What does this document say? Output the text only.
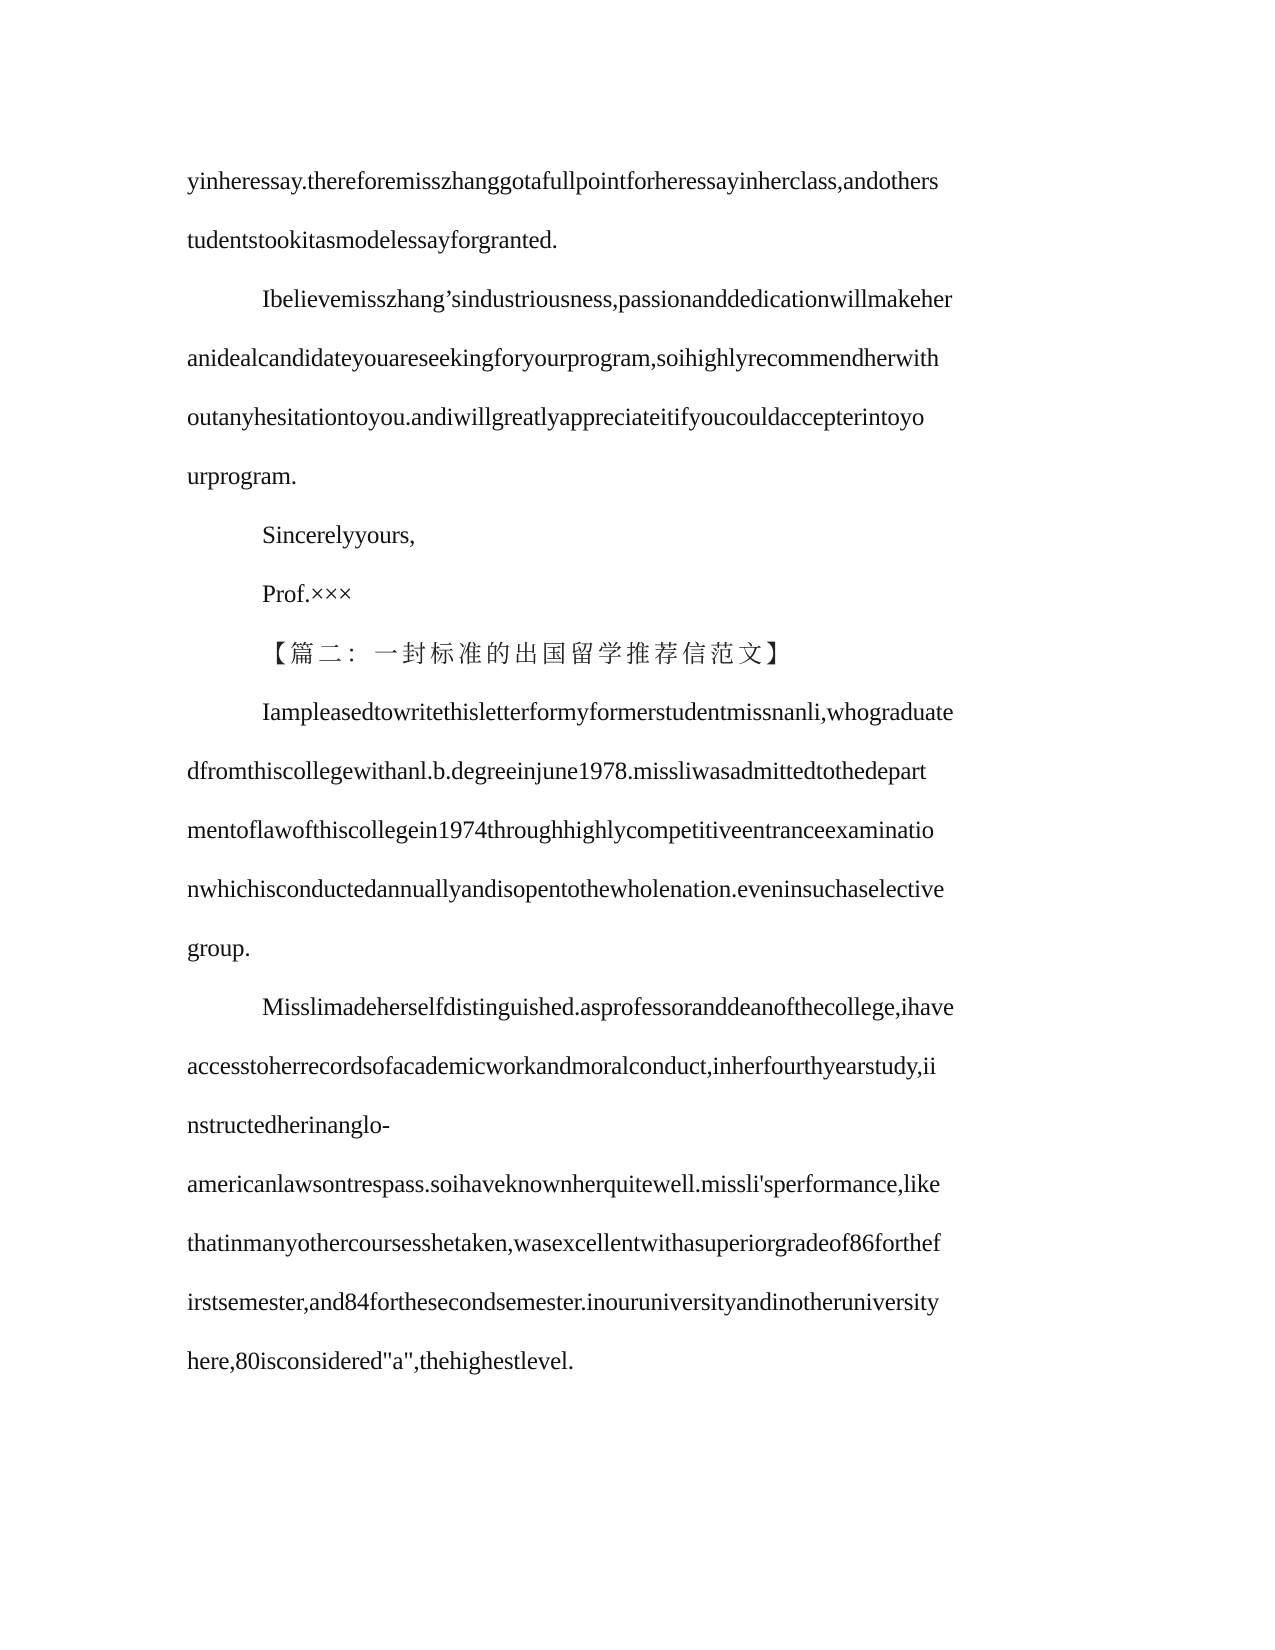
yinheressay.thereforemisszhanggotafullpointforheressayinherclass,andothers
tudentstookitasmodelessayforgranted.
Ibelievemisszhang’sindustriousness,passionanddedicationwillmakeher
anidealcandidateyouareseekingforyourprogram,soihighlyrecommendherwith
outanyhesitationtoyou.andiwillgreatlyappreciateitifyoucouldaccepterintoyo
urprogram.
Sincerelyyours,
Prof.×××
【篇二：一封标准的出国留学推荐信范文】
Iampleasedtowritethisletterformyformerstudentmissnanli,whograduate
dfromthiscollegewithanl.b.degreeinjune1978.missliwasadmittedtothedepart
mentoflawofthiscollegein1974throughhighlycompetitiveentranceexaminatio
nwhichisconductedannuallyandisopentothewholenation.eveninsuchaselective
group.
Misslimadeherselfdistinguished.asprofessoranddeanofthecollege,ihave
accesstoherrecordsofacademicworkandmoralconduct,inherfourthyearstudy,ii
nstructedherinanglo-
americanlawsontrespass.soihaveknownherquitewell.missli'sperformance,like
thatinmanyothercoursesshetaken,wasexcellentwithasuperiorgradeof86forthef
irstsemester,and84forthesecondsemester.inouruniversityandinotheruniversity
here,80isconsidered"a",thehighestlevel.
